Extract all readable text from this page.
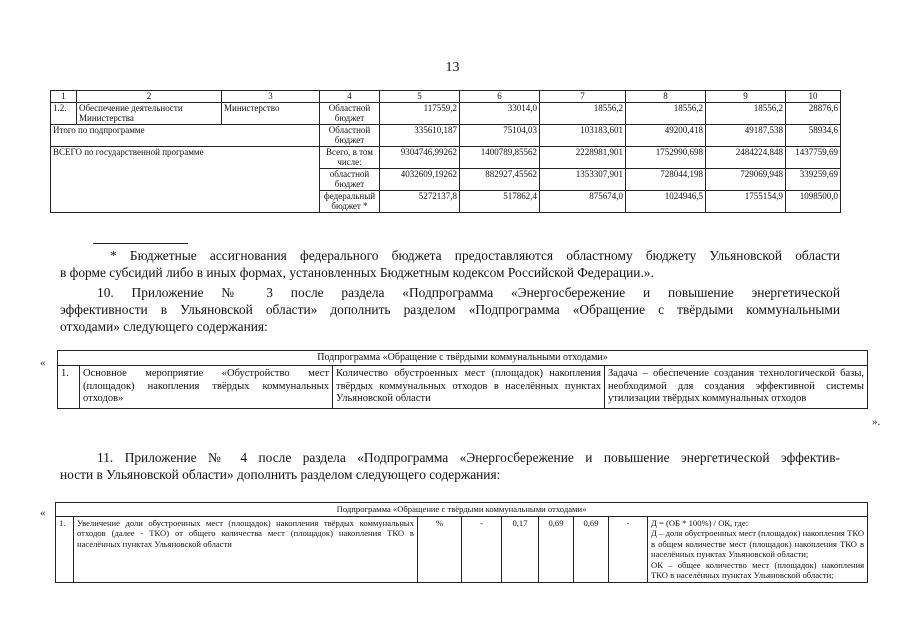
13
1	2	3	4	5	6	7	8	9	10
1.2.	Обеспечение деятельности Министерства	Министерство	Областной бюджет	117559,2	33014,0	18556,2	18556,2	18556,2	28876,6
Итого по подпрограмме			Областной бюджет	335610,187	75104,03	103183,601	49200,418	49187,538	58934,6
ВСЕГО по государственной программе			Всего, в том числе:	9304746,99262	1400789,85562	2228981,901	1752990,698	2484224,848	1437759,69
			областной бюджет	4032609,19262	882927,45562	1353307,901	728044,198	729069,948	339259,69
			федеральный бюджет *	5272137,8	517862,4	875674,0	1024946,5	1755154,9	1098500,0
* Бюджетные ассигнования федерального бюджета предоставляются областному бюджету Ульяновской области
в форме субсидий либо в иных формах, установленных Бюджетным кодексом Российской Федерации.».
10. Приложение № 3 после раздела «Подпрограмма «Энергосбережение и повышение энергетической
эффективности в Ульяновской области» дополнить разделом «Подпрограмма «Обращение с твёрдыми коммунальными
отходами» следующего содержания:
«	Подпрограмма «Обращение с твёрдыми коммунальными отходами»
1.	Основное мероприятие «Обустройство мест (площадок) накопления твёрдых коммунальных отходов»	Количество обустроенных мест (площадок) накопления твёрдых коммунальных отходов в населённых пунктах Ульяновской области	Задача – обеспечение создания технологической базы, необходимой для создания эффективной системы утилизации твёрдых коммунальных отходов
».
11. Приложение № 4 после раздела «Подпрограмма «Энергосбережение и повышение энергетической эффектив-
ности в Ульяновской области» дополнить разделом следующего содержания:
«	Подпрограмма «Обращение с твёрдыми коммунальными отходами»
1.	Увеличение доли обустроенных мест (площадок) накопления твёрдых коммунальных отходов (далее - ТКО) от общего количества мест (площадок) накопления ТКО в населённых пунктах Ульяновской области	%	-	0,17	0,69	0,69	-	Д = (ОБ * 100%) / ОК, где:
Д – доля обустроенных мест (площадок) накопления ТКО в общем количестве мест (площадок) накопления ТКО в населённых пунктах Ульяновской области;
ОК – общее количество мест (площадок) накопления ТКО в населённых пунктах Ульяновской области;
